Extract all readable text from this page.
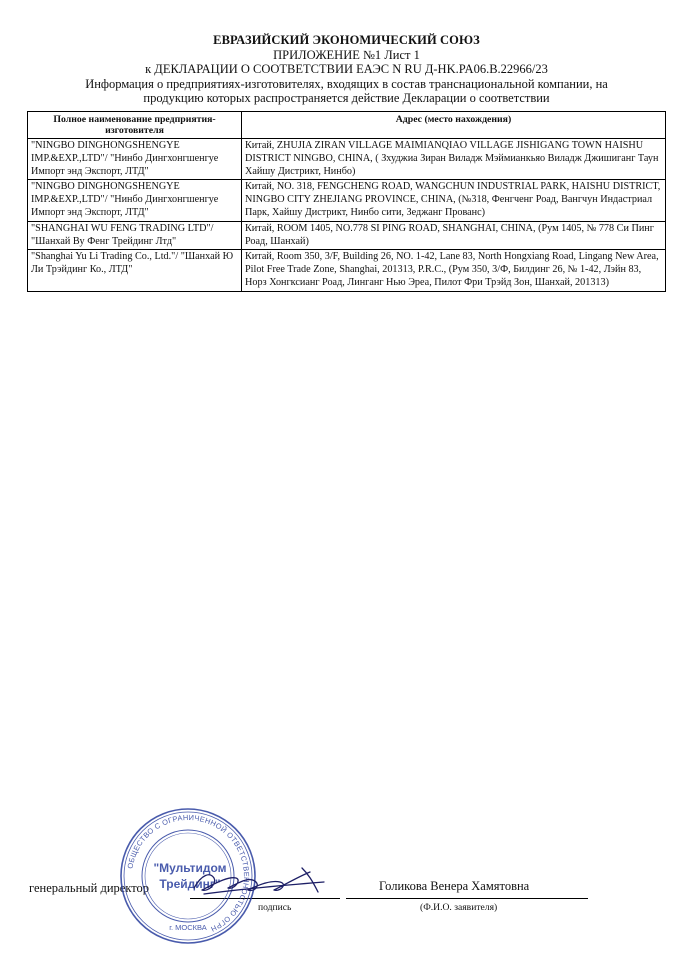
ЕВРАЗИЙСКИЙ ЭКОНОМИЧЕСКИЙ СОЮЗ
ПРИЛОЖЕНИЕ №1 Лист 1
к ДЕКЛАРАЦИИ О СООТВЕТСТВИИ ЕАЭС N RU Д-HK.PA06.B.22966/23
Информация о предприятиях-изготовителях, входящих в состав транснациональной компании, на
продукцию которых распространяется действие Декларации о соответствии
Полное наименование предприятия-изготовителя	Адрес (место нахождения)
"NINGBO DINGHONGSHENGYE IMP.&EXP.,LTD"/ "Нинбо Дингхонгшенгуе Импорт энд Экспорт, ЛТД"	Китай, ZHUJIA ZIRAN VILLAGE MAIMIANQIAO VILLAGE JISHIGANG TOWN HAISHU DISTRICT NINGBO, CHINA, ( Зхуджиа Зиран Виладж Мэймианкьяо Виладж Джишиганг Таун Хайшу Дистрикт, Нинбо)
"NINGBO DINGHONGSHENGYE IMP.&EXP.,LTD"/ "Нинбо Дингхонгшенгуе Импорт энд Экспорт, ЛТД"	Китай, NO. 318, FENGCHENG ROAD, WANGCHUN INDUSTRIAL PARK, HAISHU DISTRICT, NINGBO CITY ZHEJIANG PROVINCE, CHINA, (№318, Фенгченг Роад, Вангчун Индастриал Парк, Хайшу Дистрикт, Нинбо сити, Зеджанг Прованс)
"SHANGHAI WU FENG TRADING LTD"/ "Шанхай Ву Фенг Трейдинг Лтд"	Китай, ROOM 1405, NO.778 SI PING ROAD, SHANGHAI, CHINA, (Рум 1405, № 778 Си Пинг Роад, Шанхай)
"Shanghai Yu Li Trading Co., Ltd."/ "Шанхай Ю Ли Трэйдинг Ко., ЛТД"	Китай, Room 350, 3/F, Building 26, NO. 1-42, Lane 83, North Hongxiang Road, Lingang New Area, Pilot Free Trade Zone, Shanghai, 201313, P.R.C., (Рум 350, 3/Ф, Билдинг 26, № 1-42, Лэйн 83, Норз Хонгксианг Роад, Линганг Нью Эреа, Пилот Фри Трэйд Зон, Шанхай, 201313)
генеральный директор
подпись
Голикова Венера Хамятовна
(Ф.И.О. заявителя)
ОБЩЕСТВО С ОГРАНИЧЕННОЙ ОТВЕТСТВЕННОСТЬЮ ОГРН
"Мультидом
Трейдинг"
г. МОСКВА
